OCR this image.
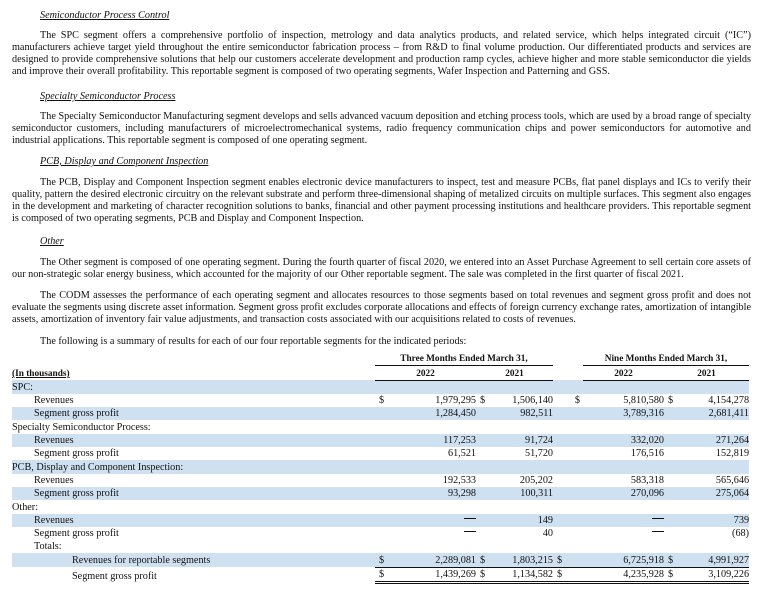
Semiconductor Process Control
The SPC segment offers a comprehensive portfolio of inspection, metrology and data analytics products, and related service, which helps integrated circuit (“IC”) manufacturers achieve target yield throughout the entire semiconductor fabrication process – from R&D to final volume production. Our differentiated products and services are designed to provide comprehensive solutions that help our customers accelerate development and production ramp cycles, achieve higher and more stable semiconductor die yields and improve their overall profitability. This reportable segment is composed of two operating segments, Wafer Inspection and Patterning and GSS.
Specialty Semiconductor Process
The Specialty Semiconductor Manufacturing segment develops and sells advanced vacuum deposition and etching process tools, which are used by a broad range of specialty semiconductor customers, including manufacturers of microelectromechanical systems, radio frequency communication chips and power semiconductors for automotive and industrial applications. This reportable segment is composed of one operating segment.
PCB, Display and Component Inspection
The PCB, Display and Component Inspection segment enables electronic device manufacturers to inspect, test and measure PCBs, flat panel displays and ICs to verify their quality, pattern the desired electronic circuitry on the relevant substrate and perform three-dimensional shaping of metalized circuits on multiple surfaces. This segment also engages in the development and marketing of character recognition solutions to banks, financial and other payment processing institutions and healthcare providers. This reportable segment is composed of two operating segments, PCB and Display and Component Inspection.
Other
The Other segment is composed of one operating segment. During the fourth quarter of fiscal 2020, we entered into an Asset Purchase Agreement to sell certain core assets of our non-strategic solar energy business, which accounted for the majority of our Other reportable segment. The sale was completed in the first quarter of fiscal 2021.
The CODM assesses the performance of each operating segment and allocates resources to those segments based on total revenues and segment gross profit and does not evaluate the segments using discrete asset information. Segment gross profit excludes corporate allocations and effects of foreign currency exchange rates, amortization of intangible assets, amortization of inventory fair value adjustments, and transaction costs associated with our acquisitions related to costs of revenues.
The following is a summary of results for each of our four reportable segments for the indicated periods:
	Three Months Ended March 31,					Nine Months Ended March 31,		
(In thousands)	2022		2021			2022	2021	
SPC:								
Revenues	$	1,979,295	$	1,506,140	$	5,810,580	$	4,154,278
Segment gross profit		1,284,450		982,511		3,789,316		2,681,411
Specialty Semiconductor Process:								
Revenues		117,253		91,724		332,020		271,264
Segment gross profit		61,521		51,720		176,516		152,819
PCB, Display and Component Inspection:								
Revenues		192,533		205,202		583,318		565,646
Segment gross profit		93,298		100,311		270,096		275,064
Other:								
Revenues				149				739
Segment gross profit				40				(68)
Totals:								
Revenues for reportable segments	$	2,289,081	$	1,803,215	$	6,725,918	$	4,991,927
Segment gross profit	$	1,439,269	$	1,134,582	$	4,235,928	$	3,109,226
